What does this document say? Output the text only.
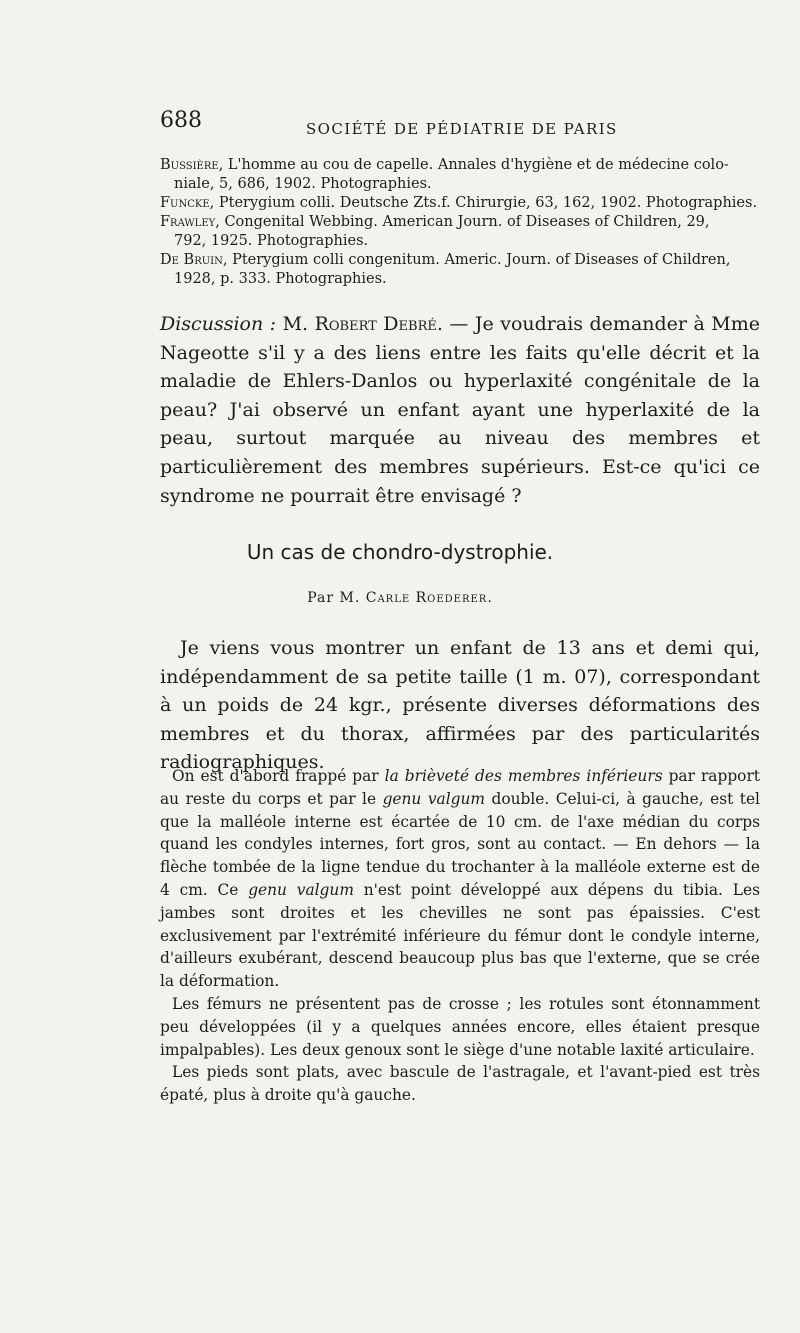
688	SOCIÉTÉ DE PÉDIATRIE DE PARIS

Bussière, L'homme au cou de capelle. Annales d'hygiène et de médecine colo-
niale, 5, 686, 1902. Photographies.

Funcke, Pterygium colli. Deutsche Zts.f. Chirurgie, 63, 162, 1902. Photographies.

Frawley, Congenital Webbing. American Journ. of Diseases of Children, 29,
792, 1925. Photographies.

De Bruin, Pterygium colli congenitum. Americ. Journ. of Diseases of Children,
1928, p. 333. Photographies.

Discussion : M. Robert Debré. — Je voudrais demander à Mme Nageotte s'il y a des liens entre les faits qu'elle décrit et la maladie de Ehlers-Danlos ou hyperlaxité congénitale de la peau? J'ai observé un enfant ayant une hyperlaxité de la peau, surtout marquée au niveau des membres et particulièrement des membres supérieurs. Est-ce qu'ici ce syndrome ne pourrait être envisagé ?

Un cas de chondro-dystrophie.
Par M. Carle Roederer.

Je viens vous montrer un enfant de 13 ans et demi qui, indépendamment de sa petite taille (1 m. 07), correspondant à un poids de 24 kgr., présente diverses déformations des membres et du thorax, affirmées par des particularités radiographiques.

On est d'abord frappé par la brièveté des membres inférieurs par rapport au reste du corps et par le genu valgum double. Celui-ci, à gauche, est tel que la malléole interne est écartée de 10 cm. de l'axe médian du corps quand les condyles internes, fort gros, sont au contact. — En dehors — la flèche tombée de la ligne tendue du trochanter à la malléole externe est de 4 cm. Ce genu valgum n'est point développé aux dépens du tibia. Les jambes sont droites et les chevilles ne sont pas épaissies. C'est exclusivement par l'extrémité inférieure du fémur dont le condyle interne, d'ailleurs exubérant, descend beaucoup plus bas que l'externe, que se crée la déformation.

Les fémurs ne présentent pas de crosse ; les rotules sont étonnamment peu développées (il y a quelques années encore, elles étaient presque impalpables). Les deux genoux sont le siège d'une notable laxité articulaire.

Les pieds sont plats, avec bascule de l'astragale, et l'avant-pied est très épaté, plus à droite qu'à gauche.
